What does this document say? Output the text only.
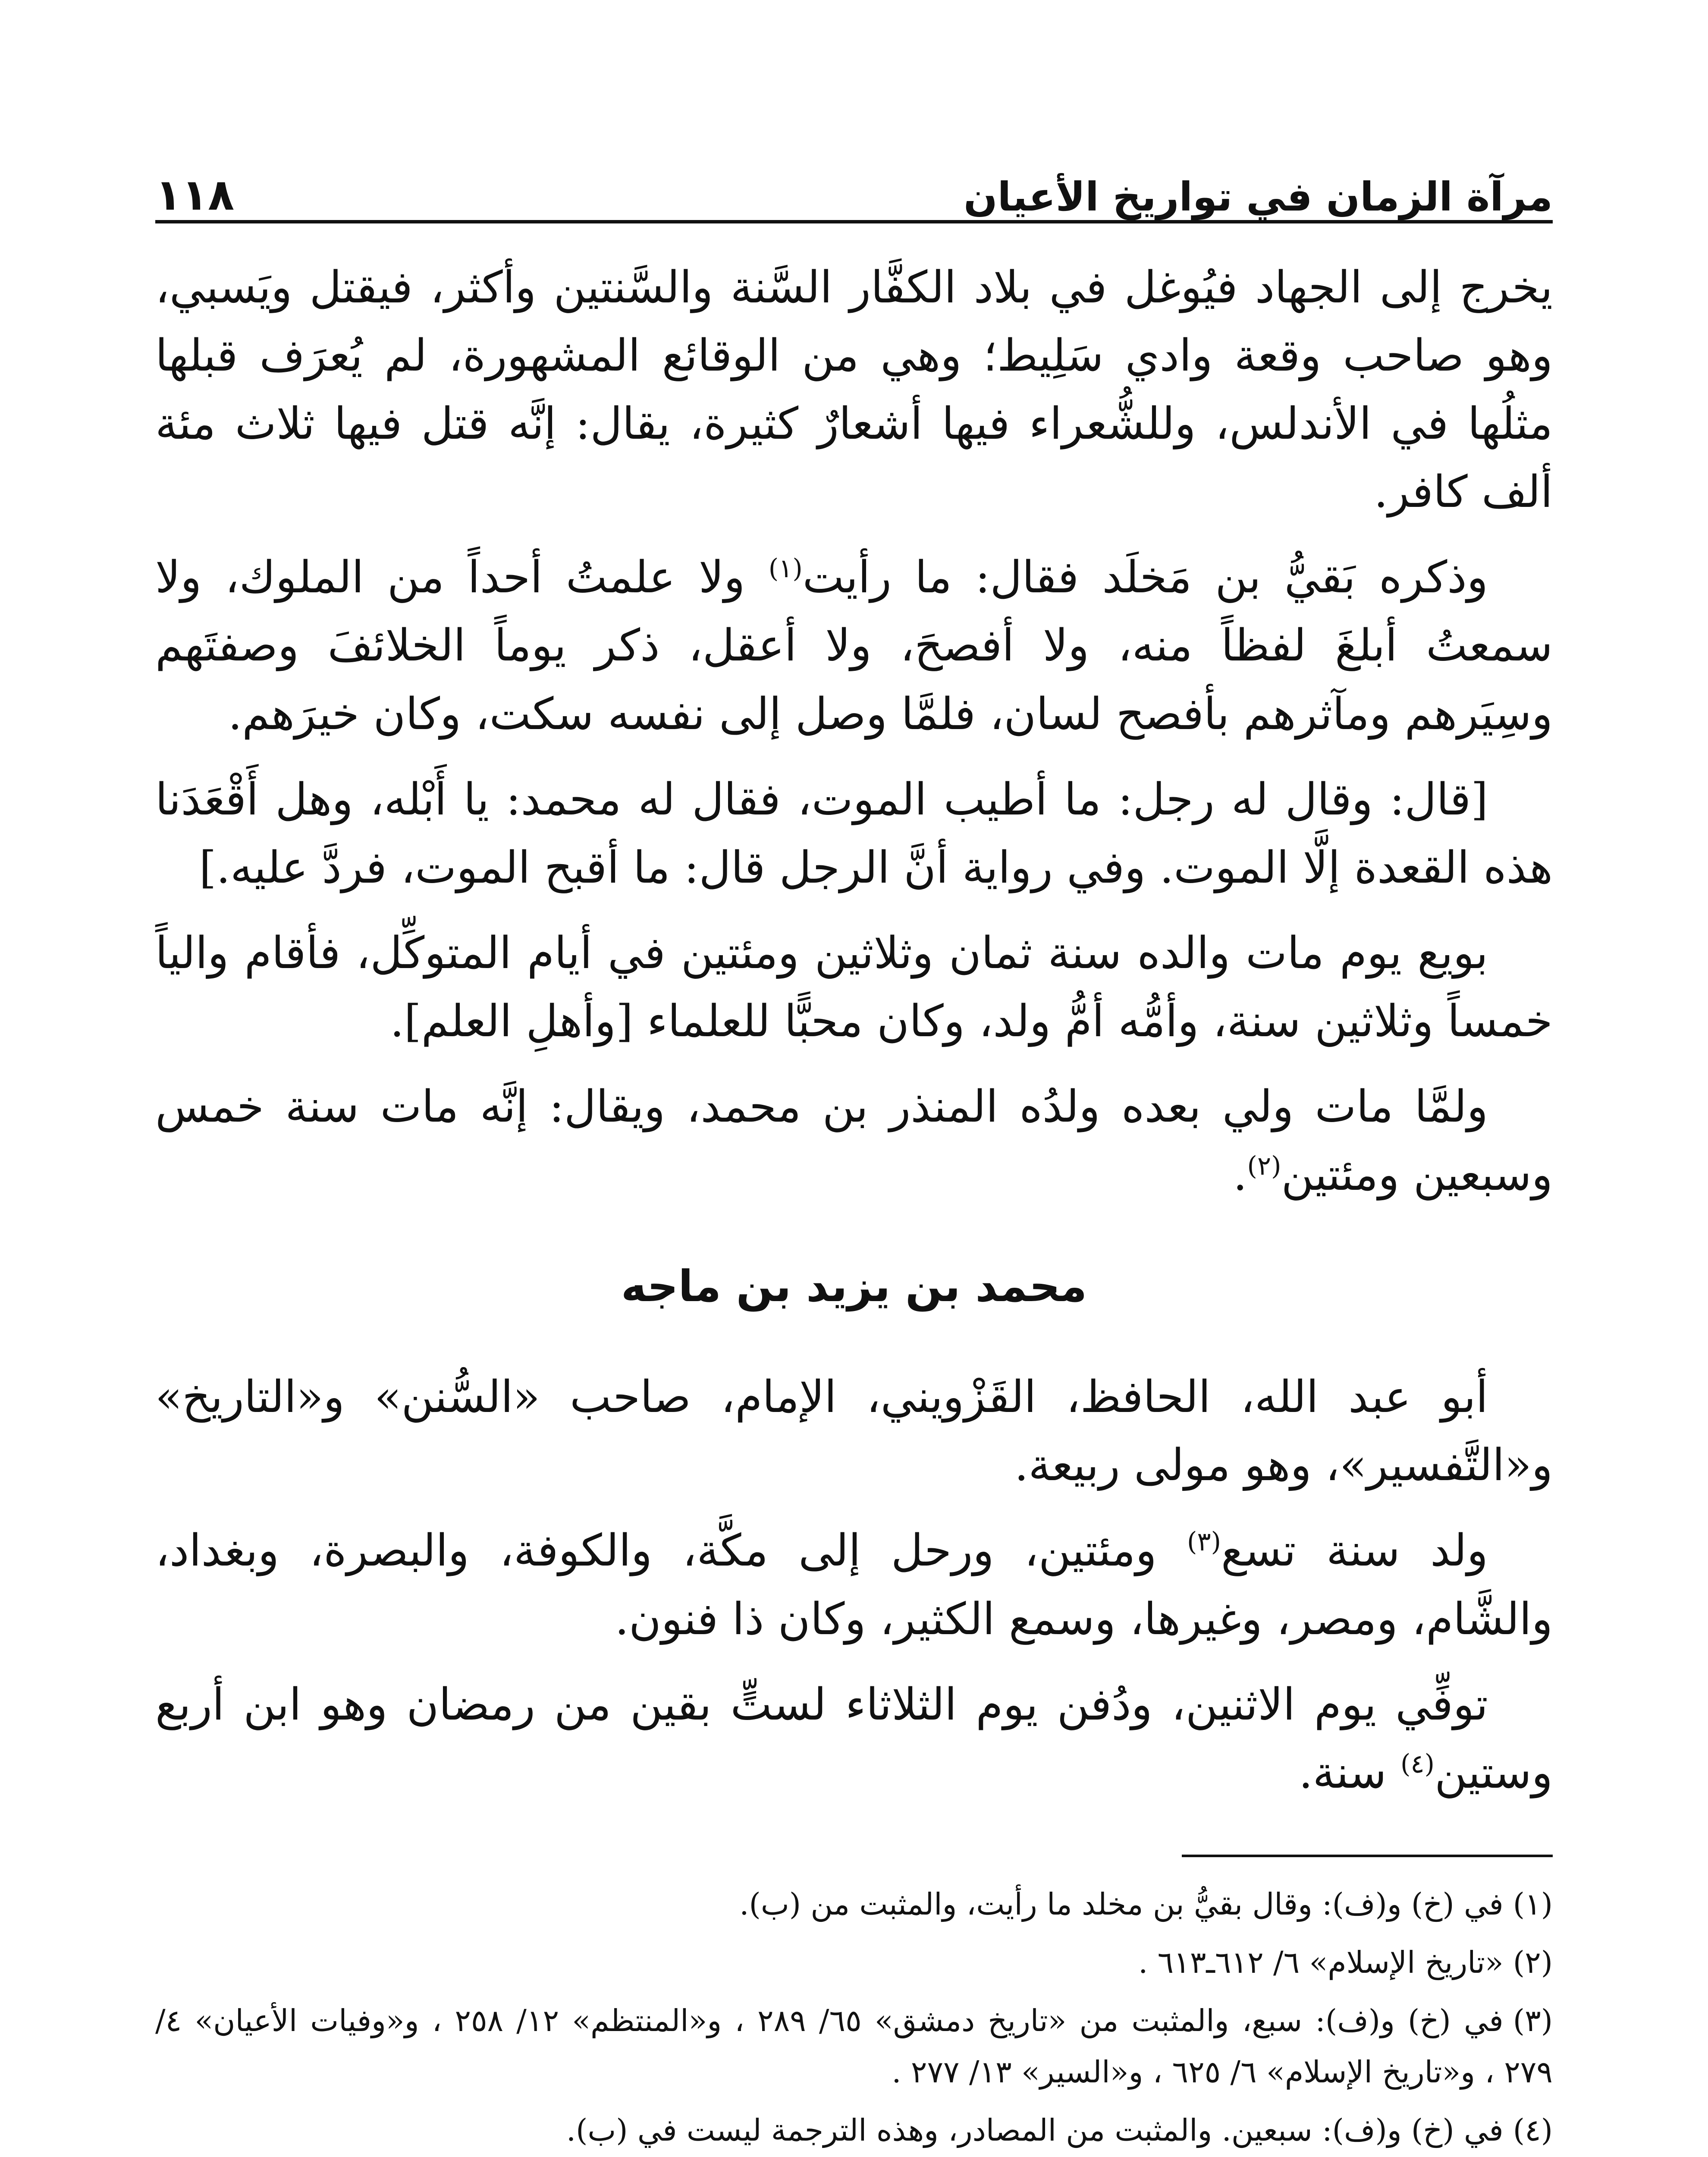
مرآة الزمان في تواريخ الأعيان
١١٨

يخرج إلى الجهاد فيُوغل في بلاد الكفَّار السَّنة والسَّنتين وأكثر، فيقتل ويَسبي، وهو صاحب وقعة وادي سَلِيط؛ وهي من الوقائع المشهورة، لم يُعرَف قبلها مثلُها في الأندلس، وللشُّعراء فيها أشعارٌ كثيرة، يقال: إنَّه قتل فيها ثلاث مئة ألف كافر.

وذكره بَقيُّ بن مَخلَد فقال: ما رأيت$^{(١)}$ ولا علمتُ أحداً من الملوك، ولا سمعتُ أبلغَ لفظاً منه، ولا أفصحَ، ولا أعقل، ذكر يوماً الخلائفَ وصفتَهم وسِيَرهم ومآثرهم بأفصح لسان، فلمَّا وصل إلى نفسه سكت، وكان خيرَهم.

[قال: وقال له رجل: ما أطيب الموت، فقال له محمد: يا أَبْله، وهل أَقْعَدَنا هذه القعدة إلَّا الموت. وفي رواية أنَّ الرجل قال: ما أقبح الموت، فردَّ عليه.]

بويع يوم مات والده سنة ثمان وثلاثين ومئتين في أيام المتوكِّل، فأقام والياً خمساً وثلاثين سنة، وأمُّه أمُّ ولد، وكان محبًّا للعلماء [وأهلِ العلم].

ولمَّا مات ولي بعده ولدُه المنذر بن محمد، ويقال: إنَّه مات سنة خمس وسبعين ومئتين$^{(٢)}$.

محمد بن يزيد بن ماجه

أبو عبد الله، الحافظ، القَزْويني، الإمام، صاحب «السُّنن» و«التاريخ» و«التَّفسير»، وهو مولى ربيعة.

ولد سنة تسع$^{(٣)}$ ومئتين، ورحل إلى مكَّة، والكوفة، والبصرة، وبغداد، والشَّام، ومصر، وغيرها، وسمع الكثير، وكان ذا فنون.

توفِّي يوم الاثنين، ودُفن يوم الثلاثاء لستٍّ بقين من رمضان وهو ابن أربع وستين$^{(٤)}$ سنة.

(١)في (خ) و(ف): وقال بقيُّ بن مخلد ما رأيت، والمثبت من (ب).

(٢)«تاريخ الإسلام» ٦/ ٦١٢ـ٦١٣ .

(٣)في (خ) و(ف): سبع، والمثبت من «تاريخ دمشق» ٦٥/ ٢٨٩ ، و«المنتظم» ١٢/ ٢٥٨ ، و«وفيات الأعيان» ٤/ ٢٧٩ ، و«تاريخ الإسلام» ٦/ ٦٢٥ ، و«السير» ١٣/ ٢٧٧ .

(٤)في (خ) و(ف): سبعين. والمثبت من المصادر، وهذه الترجمة ليست في (ب).
